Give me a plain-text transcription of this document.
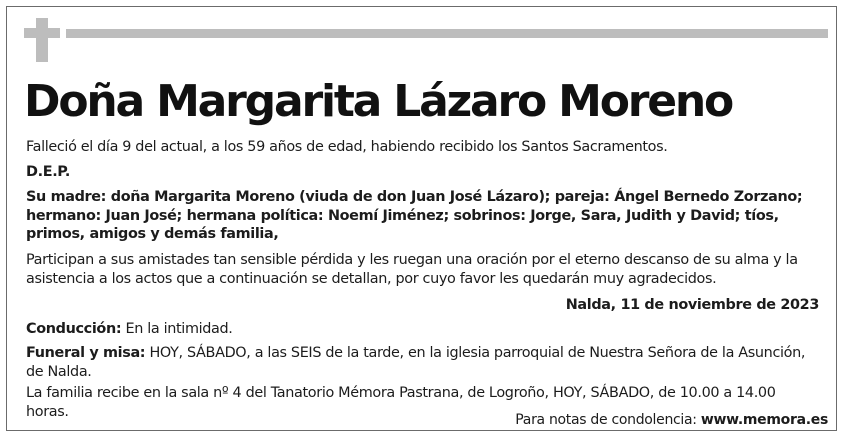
Doña Margarita Lázaro Moreno

Falleció el día 9 del actual, a los 59 años de edad, habiendo recibido los Santos Sacramentos.

D.E.P.

Su madre: doña Margarita Moreno (viuda de don Juan José Lázaro); pareja: Ángel Bernedo Zorzano; hermano: Juan José; hermana política: Noemí Jiménez; sobrinos: Jorge, Sara, Judith y David; tíos, primos, amigos y demás familia,

Participan a sus amistades tan sensible pérdida y les ruegan una oración por el eterno descanso de su alma y la asistencia a los actos que a continuación se detallan, por cuyo favor les quedarán muy agradecidos.

Nalda, 11 de noviembre de 2023

Conducción: En la intimidad.

Funeral y misa: HOY, SÁBADO, a las SEIS de la tarde, en la iglesia parroquial de Nuestra Señora de la Asunción, de Nalda.

La familia recibe en la sala nº 4 del Tanatorio Mémora Pastrana, de Logroño, HOY, SÁBADO, de 10.00 a 14.00 horas.

Para notas de condolencia: www.memora.es
